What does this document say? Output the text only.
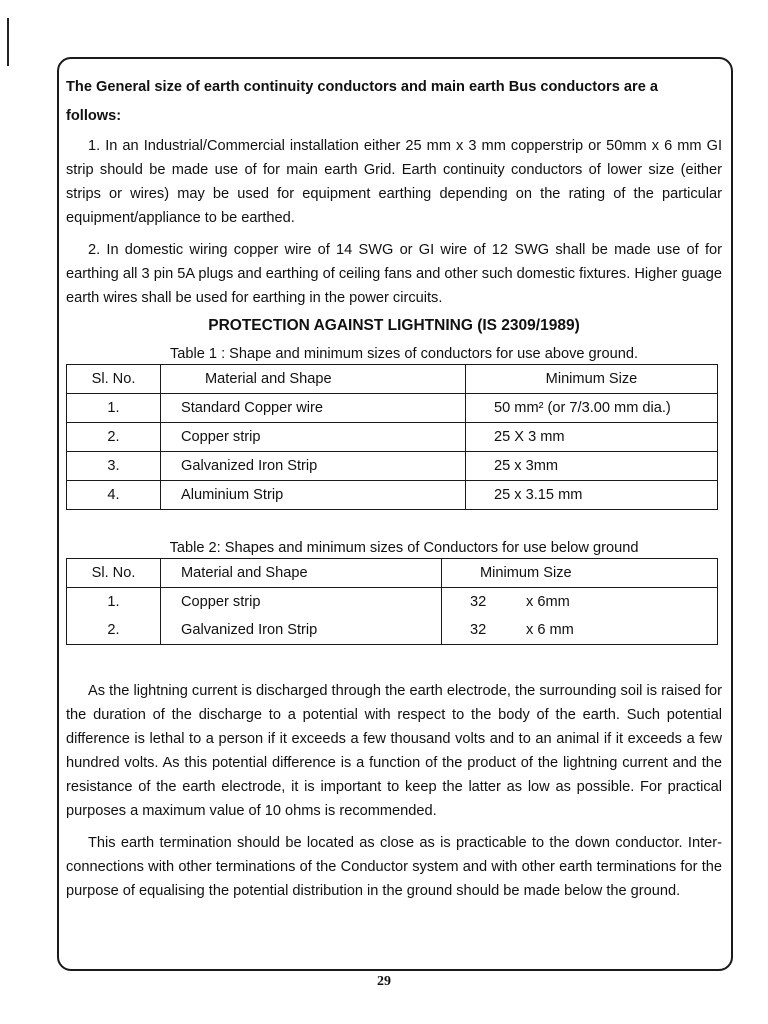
The General size of earth continuity conductors and main earth Bus conductors are a
follows:

1. In an Industrial/Commercial installation either 25 mm x 3 mm copperstrip or 50mm x 6 mm GI strip should be made use of for main earth Grid. Earth continuity conductors of lower size (either strips or wires) may be used for equipment earthing depending on the rating of the particular equipment/appliance to be earthed.

2. In domestic wiring copper wire of 14 SWG or GI wire of 12 SWG shall be made use of for earthing all 3 pin 5A plugs and earthing of ceiling fans and other such domestic fixtures. Higher guage earth wires shall be used for earthing in the power circuits.

PROTECTION AGAINST LIGHTNING (IS 2309/1989)
Table 1 : Shape and minimum sizes of conductors for use above ground.
Sl. No.	Material and Shape	Minimum Size
1.	Standard Copper wire	50 mm² (or 7/3.00 mm dia.)
2.	Copper strip	25 X 3 mm
3.	Galvanized Iron Strip	25 x 3mm
4.	Aluminium Strip	25 x 3.15 mm
Table 2: Shapes and minimum sizes of Conductors for use below ground
Sl. No.	Material and Shape	Minimum Size
1.	Copper strip	32 x 6mm
2.	Galvanized Iron Strip	32 x 6 mm

As the lightning current is discharged through the earth electrode, the surrounding soil is raised for the duration of the discharge to a potential with respect to the body of the earth. Such potential difference is lethal to a person if it exceeds a few thousand volts and to an animal if it exceeds a few hundred volts. As this potential difference is a function of the product of the lightning current and the resistance of the earth electrode, it is important to keep the latter as low as possible. For practical purposes a maximum value of 10 ohms is recommended.

This earth termination should be located as close as is practicable to the down conductor. Inter-connections with other terminations of the Conductor system and with other earth terminations for the purpose of equalising the potential distribution in the ground should be made below the ground.

29
